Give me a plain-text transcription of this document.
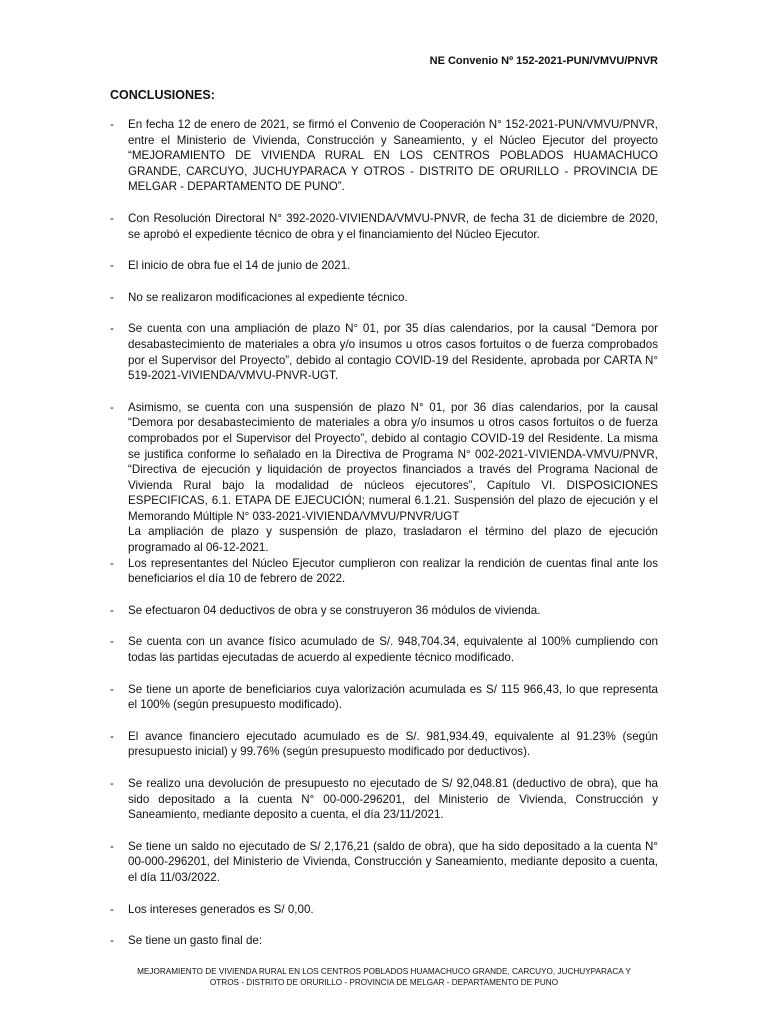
NE Convenio Nº 152-2021-PUN/VMVU/PNVR
CONCLUSIONES:
- En fecha 12 de enero de 2021, se firmó el Convenio de Cooperación N° 152-2021-PUN/VMVU/PNVR, entre el Ministerio de Vivienda, Construcción y Saneamiento, y el Núcleo Ejecutor del proyecto “MEJORAMIENTO DE VIVIENDA RURAL EN LOS CENTROS POBLADOS HUAMACHUCO GRANDE, CARCUYO, JUCHUYPARACA Y OTROS - DISTRITO DE ORURILLO - PROVINCIA DE MELGAR - DEPARTAMENTO DE PUNO”.

- Con Resolución Directoral N° 392-2020-VIVIENDA/VMVU-PNVR, de fecha 31 de diciembre de 2020, se aprobó el expediente técnico de obra y el financiamiento del Núcleo Ejecutor.

- El inicio de obra fue el 14 de junio de 2021.

- No se realizaron modificaciones al expediente técnico.

- Se cuenta con una ampliación de plazo N° 01, por 35 días calendarios, por la causal “Demora por desabastecimiento de materiales a obra y/o insumos u otros casos fortuitos o de fuerza comprobados por el Supervisor del Proyecto”, debido al contagio COVID-19 del Residente, aprobada por CARTA N° 519-2021-VIVIENDA/VMVU-PNVR-UGT.

- Asimismo, se cuenta con una suspensión de plazo N° 01, por 36 días calendarios, por la causal “Demora por desabastecimiento de materiales a obra y/o insumos u otros casos fortuitos o de fuerza comprobados por el Supervisor del Proyecto”, debido al contagio COVID-19 del Residente. La misma se justifica conforme lo señalado en la Directiva de Programa N° 002-2021-VIVIENDA-VMVU/PNVR, “Directiva de ejecución y liquidación de proyectos financiados a través del Programa Nacional de Vivienda Rural bajo la modalidad de núcleos ejecutores”, Capítulo VI. DISPOSICIONES ESPECIFICAS, 6.1. ETAPA DE EJECUCIÓN; numeral 6.1.21. Suspensión del plazo de ejecución y el Memorando Múltiple N° 033-2021-VIVIENDA/VMVU/PNVR/UGT

La ampliación de plazo y suspensión de plazo, trasladaron el término del plazo de ejecución programado al 06-12-2021.

- Los representantes del Núcleo Ejecutor cumplieron con realizar la rendición de cuentas final ante los beneficiarios el día 10 de febrero de 2022.

- Se efectuaron 04 deductivos de obra y se construyeron 36 módulos de vivienda.

- Se cuenta con un avance físico acumulado de S/. 948,704.34, equivalente al 100% cumpliendo con todas las partidas ejecutadas de acuerdo al expediente técnico modificado.

- Se tiene un aporte de beneficiarios cuya valorización acumulada es S/ 115 966,43, lo que representa el 100% (según presupuesto modificado).

- El avance financiero ejecutado acumulado es de S/. 981,934.49, equivalente al 91.23% (según presupuesto inicial) y 99.76% (según presupuesto modificado por deductivos).

- Se realizo una devolución de presupuesto no ejecutado de S/ 92,048.81 (deductivo de obra), que ha sido depositado a la cuenta N° 00-000-296201, del Ministerio de Vivienda, Construcción y Saneamiento, mediante deposito a cuenta, el día 23/11/2021.

- Se tiene un saldo no ejecutado de S/ 2,176,21 (saldo de obra), que ha sido depositado a la cuenta N° 00-000-296201, del Ministerio de Vivienda, Construcción y Saneamiento, mediante deposito a cuenta, el día 11/03/2022.

- Los intereses generados es S/ 0,00.

- Se tiene un gasto final de:

MEJORAMIENTO DE VIVIENDA RURAL EN LOS CENTROS POBLADOS HUAMACHUCO GRANDE, CARCUYO, JUCHUYPARACA Y
OTROS - DISTRITO DE ORURILLO - PROVINCIA DE MELGAR - DEPARTAMENTO DE PUNO
